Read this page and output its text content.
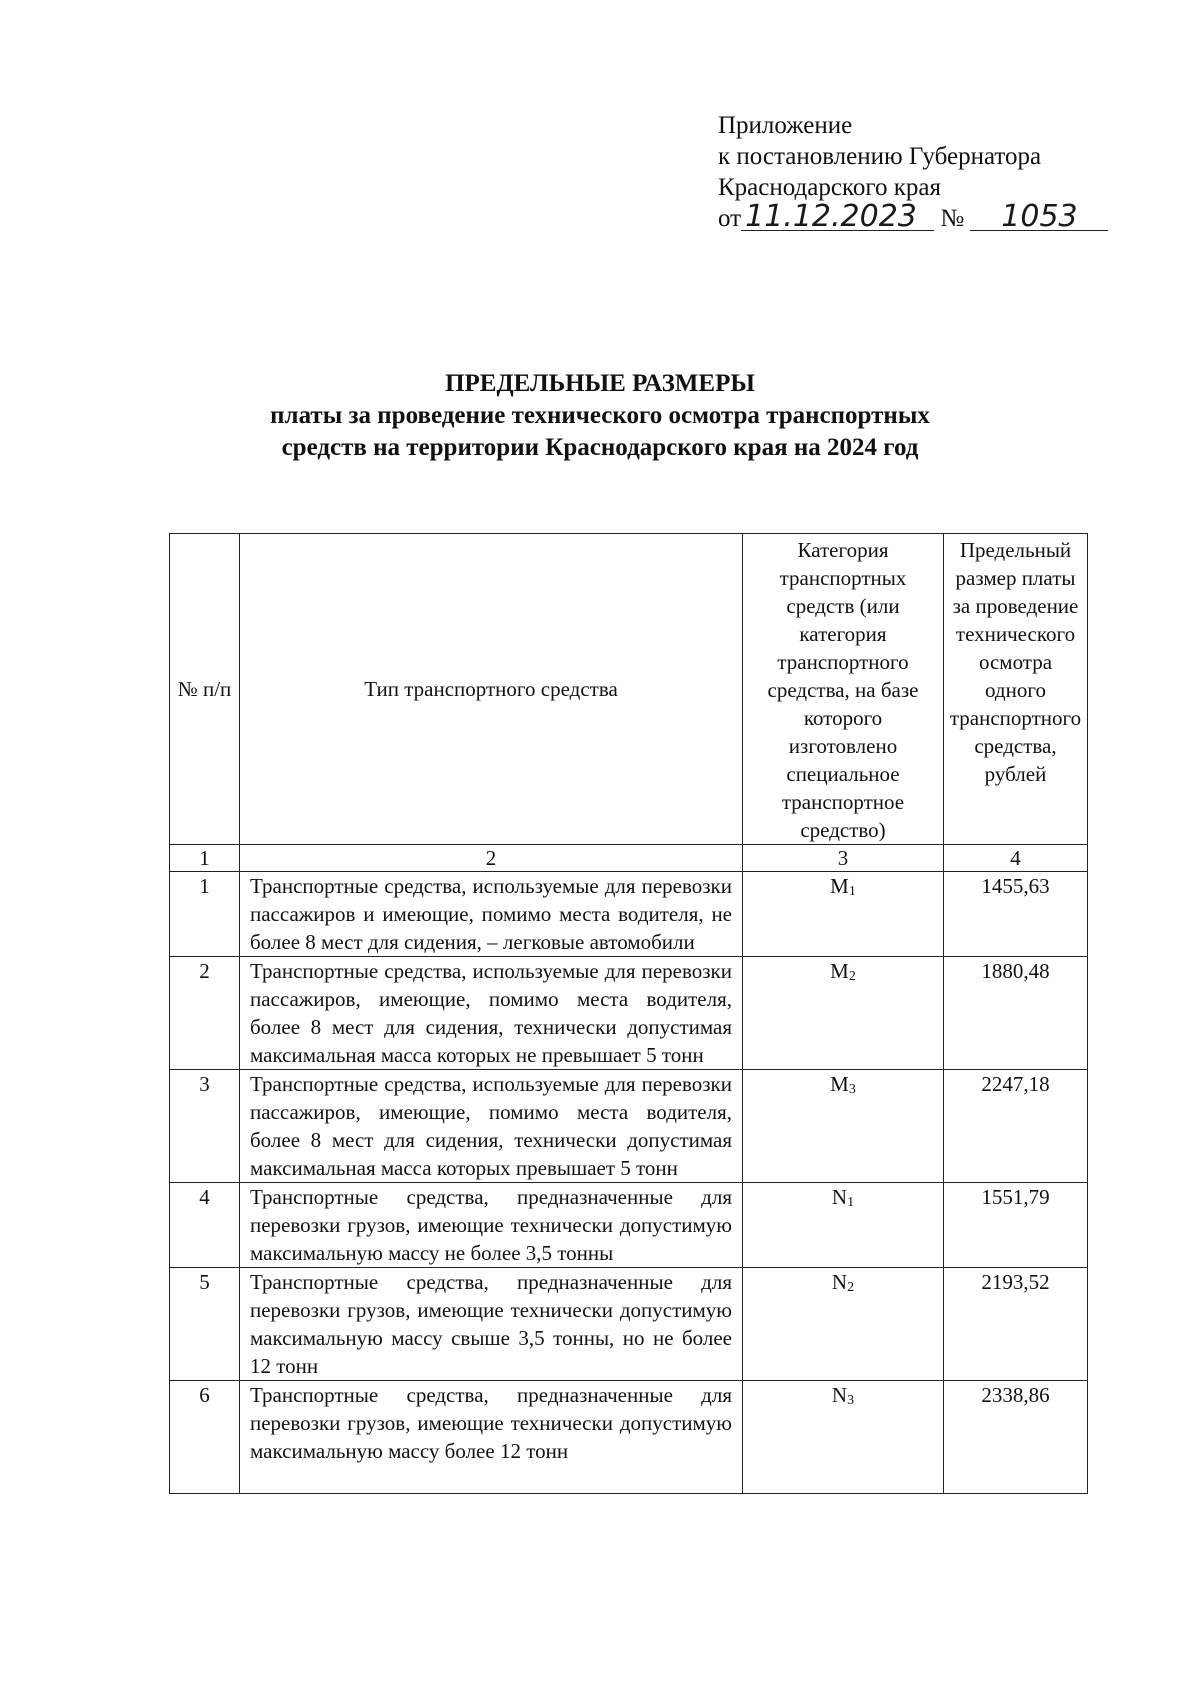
Приложение
к постановлению Губернатора
Краснодарского края
от 11.12.2023 № 1053
ПРЕДЕЛЬНЫЕ РАЗМЕРЫ
платы за проведение технического осмотра транспортных
средств на территории Краснодарского края на 2024 год
№ п/п	Тип транспортного средства	Категория транспортных средств (или категория транспортного средства, на базе которого изготовлено специальное транспортное средство)	Предельный размер платы за проведение технического осмотра одного транспортного средства, рублей
1	2	3	4
1	Транспортные средства, используемые для перевозки пассажиров и имеющие, помимо места водителя, не более 8 мест для сидения, – легковые автомобили	$M_1$	1455,63
2	Транспортные средства, используемые для перевозки пассажиров, имеющие, помимо места водителя, более 8 мест для сидения, технически допустимая максимальная масса которых не превышает 5 тонн	$M_2$	1880,48
3	Транспортные средства, используемые для перевозки пассажиров, имеющие, помимо места водителя, более 8 мест для сидения, технически допустимая максимальная масса которых превышает 5 тонн	$M_3$	2247,18
4	Транспортные средства, предназначенные для перевозки грузов, имеющие технически допустимую максимальную массу не более 3,5 тонны	$N_1$	1551,79
5	Транспортные средства, предназначенные для перевозки грузов, имеющие технически допустимую максимальную массу свыше 3,5 тонны, но не более 12 тонн	$N_2$	2193,52
6	Транспортные средства, предназначенные для перевозки грузов, имеющие технически допустимую максимальную массу более 12 тонн	$N_3$	2338,86
